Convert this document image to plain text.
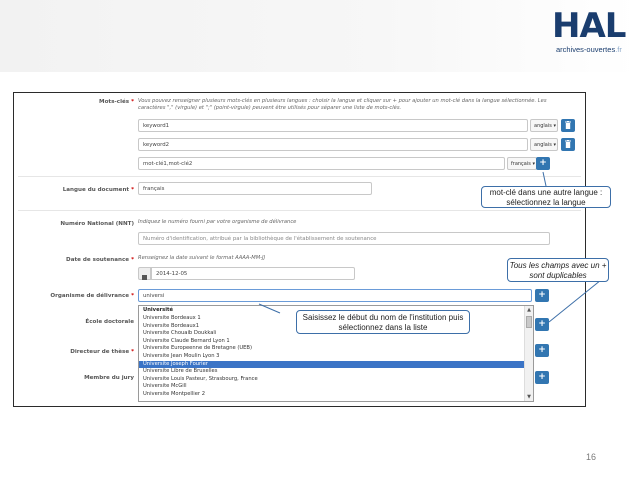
HAL
archives-ouvertes.fr
Mots-clés * Vous pouvez renseigner plusieurs mots-clés en plusieurs langues : choisir la langue et cliquer sur + pour ajouter un mot-clé dans la langue sélectionnée. Les caractères "," (virgule) et ";" (point-virgule) peuvent être utilisés pour séparer une liste de mots-clés.
keyword1	anglais ▾
keyword2	anglais ▾
mot-clé1,mot-clé2	français ▾ +
Langue du document *	français
Numéro National (NNT) Indiquez le numéro fourni par votre organisme de délivrance
Numéro d'identification, attribué par la bibliothèque de l'établissement de soutenance
Date de soutenance * Renseignez la date suivant le format AAAA-MM-JJ
2014-12-05
Organisme de délivrance *	universi	+
École doctorale	+
Directeur de thèse *	+
Membre du jury	+
Université
Universite Bordeaux 1
Universite Bordeaux1
Universite Chouaib Doukkali
Universite Claude Bernard Lyon 1
Universite Europeenne de Bretagne (UEB)
Universite Jean Moulin Lyon 3
Universite Joseph Fourier
Universite Libre de Bruxelles
Universite Louis Pasteur, Strasbourg, France
Universite McGill
Universite Montpellier 2
▲
▼
mot-clé dans une autre langue : sélectionnez la langue
Tous les champs avec un + sont duplicables
Saisissez le début du nom de l'institution puis sélectionnez dans la liste
16
